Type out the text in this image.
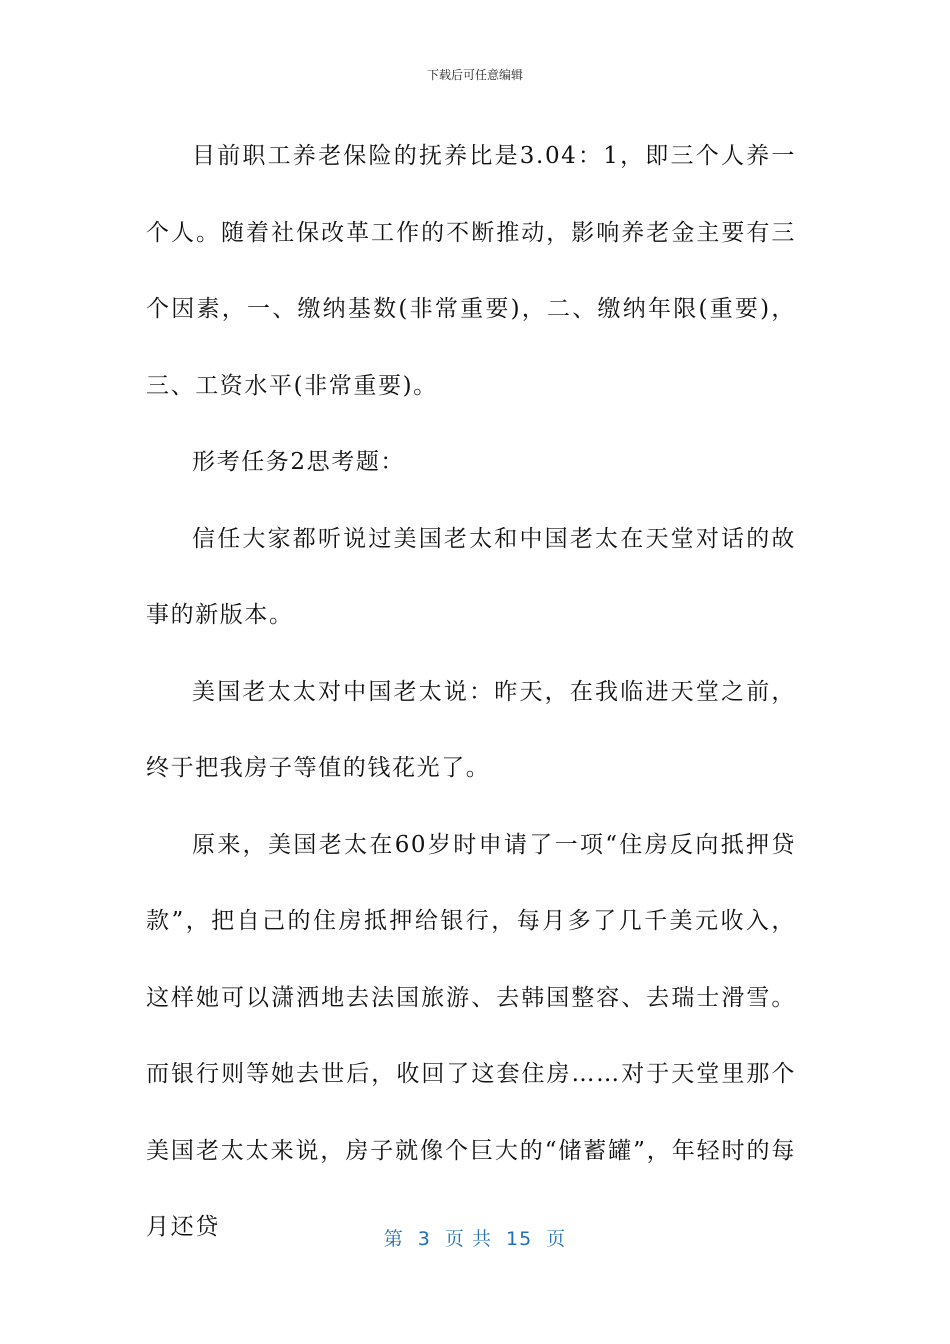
下载后可任意编辑

目前职工养老保险的抚养比是3.04：1，即三个人养一个人。随着社保改革工作的不断推动，影响养老金主要有三个因素，一、缴纳基数(非常重要)，二、缴纳年限(重要)，三、工资水平(非常重要)。

形考任务2思考题：

信任大家都听说过美国老太和中国老太在天堂对话的故事的新版本。

美国老太太对中国老太说：昨天，在我临进天堂之前，终于把我房子等值的钱花光了。

原来，美国老太在60岁时申请了一项“住房反向抵押贷款”，把自己的住房抵押给银行，每月多了几千美元收入，这样她可以潇洒地去法国旅游、去韩国整容、去瑞士滑雪。而银行则等她去世后，收回了这套住房……对于天堂里那个美国老太太来说，房子就像个巨大的“储蓄罐”，年轻时的每月还贷	第  3  页 共  15  页
